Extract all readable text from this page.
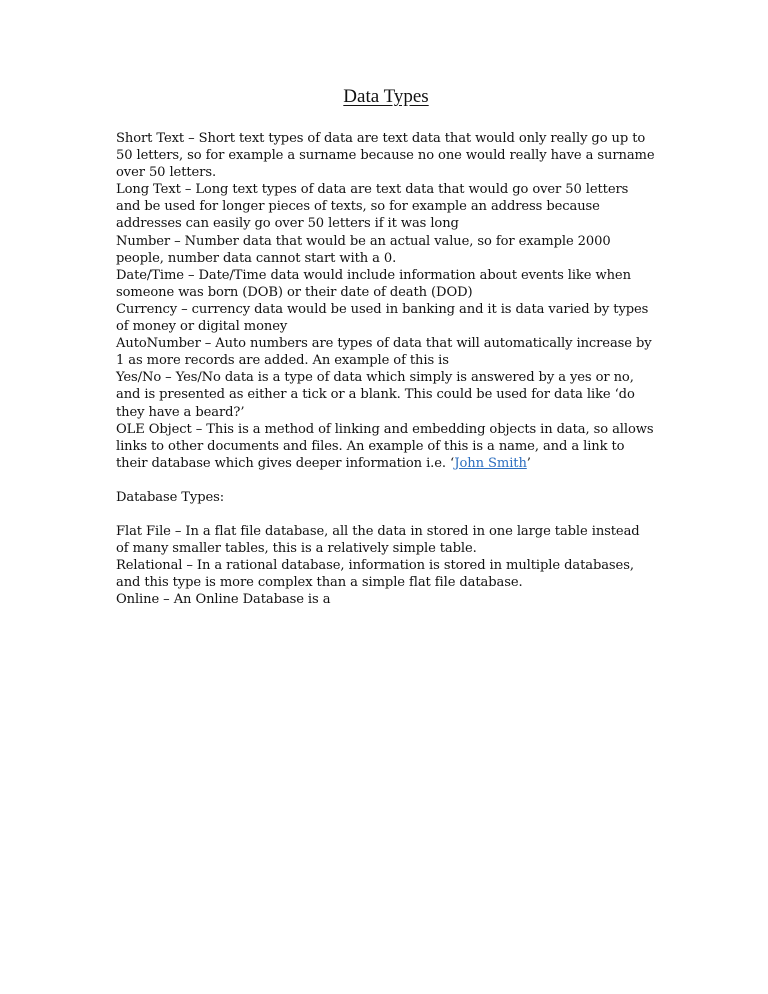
Data Types

Short Text – Short text types of data are text data that would only really go up to 50 letters, so for example a surname because no one would really have a surname over 50 letters.

Long Text – Long text types of data are text data that would go over 50 letters and be used for longer pieces of texts, so for example an address because addresses can easily go over 50 letters if it was long

Number – Number data that would be an actual value, so for example 2000 people, number data cannot start with a 0.

Date/Time – Date/Time data would include information about events like when someone was born (DOB) or their date of death (DOD)

Currency – currency data would be used in banking and it is data varied by types of money or digital money

AutoNumber – Auto numbers are types of data that will automatically increase by 1 as more records are added. An example of this is

Yes/No – Yes/No data is a type of data which simply is answered by a yes or no, and is presented as either a tick or a blank. This could be used for data like ‘do they have a beard?’

OLE Object – This is a method of linking and embedding objects in data, so allows links to other documents and files. An example of this is a name, and a link to their database which gives deeper information i.e. ‘John Smith’

Database Types:

Flat File – In a flat file database, all the data in stored in one large table instead of many smaller tables, this is a relatively simple table.

Relational – In a rational database, information is stored in multiple databases, and this type is more complex than a simple flat file database.

Online – An Online Database is a
